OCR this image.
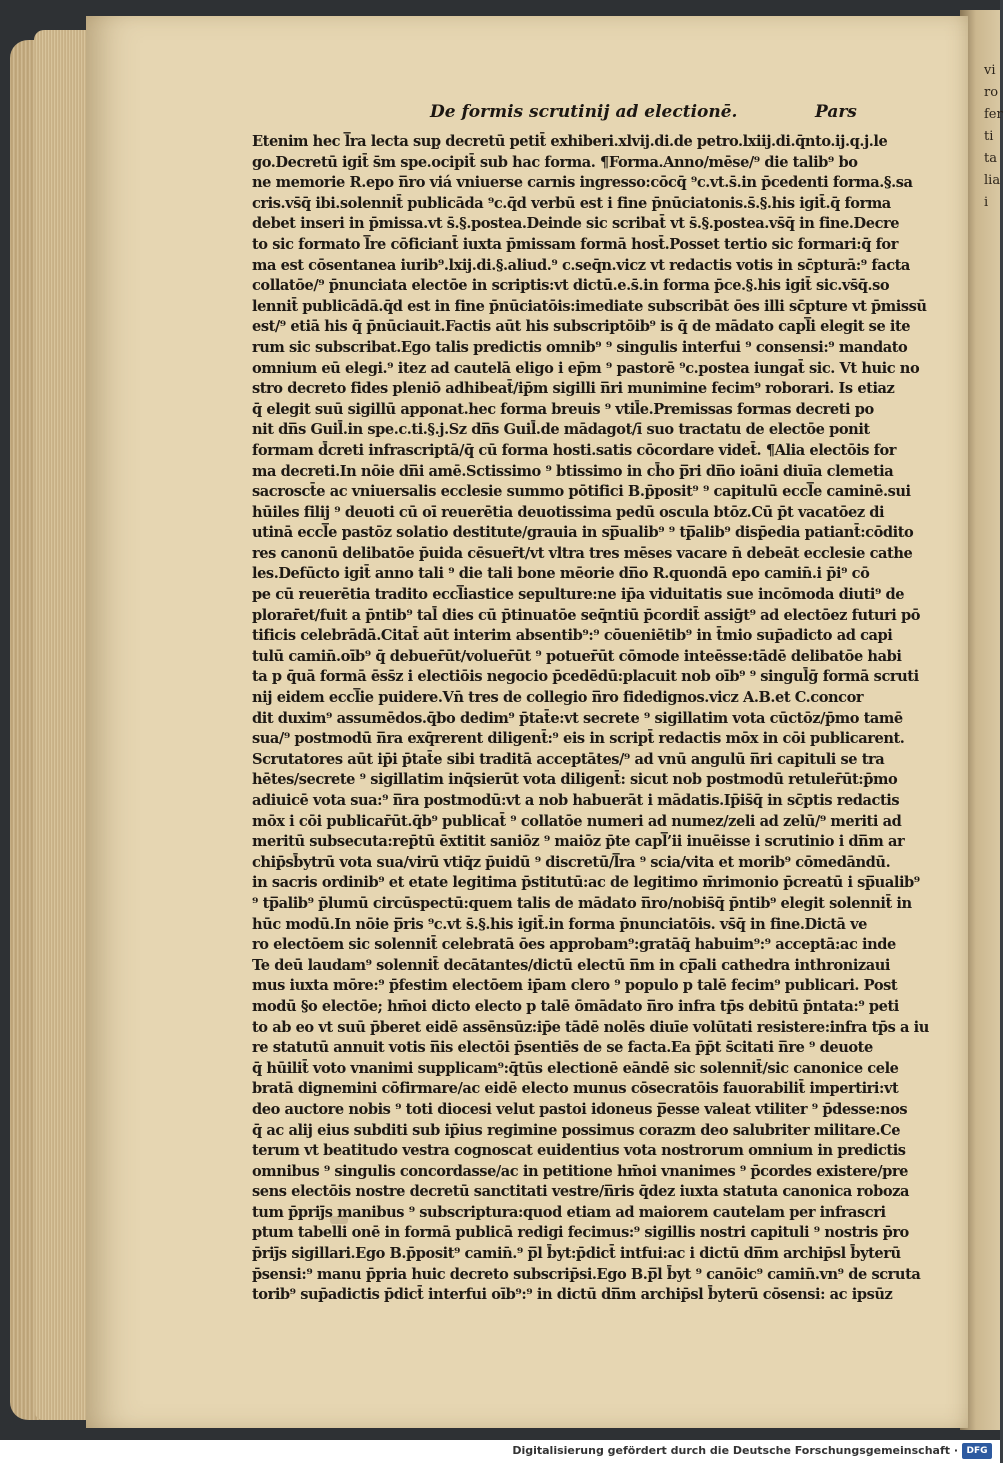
vi
ro
fer
ti
ta
lia
i
De formis scrutinij ad electionē.	Pars
Etenim hec l̅ra lecta sup̧ decretū petit̄ exhiberi.xlvij.di.de petro.lxiij.di.q̄nto.ij.q.j.le
go.Decretū igit̄ s̄m spe.ocipit̄ sub hac forma. ¶Forma.Anno/mēse/⁹ die talib⁹ bo
ne memorie R.epo n̅ro viá vniuerse carnis ingresso:cōcq̄ ⁹c.vt.s̄.in p̄cedenti forma.§.sa
cris.vs̄q̄ ibi.solennit̄ publicāda ⁹c.q̄d verbū est i fine p̄nūciatonis.s̄.§.his igit̄.q̄ forma
debet inseri in p̄missa.vt s̄.§.postea.Deinde sic scribat̄ vt s̄.§.postea.vs̄q̄ in fine.Decre
to sic formato l̅re cōficiant̄ iuxta p̄missam formā host̄.Posset tertio sic formari:q̄ for
ma est cōsentanea iurib⁹.lxij.di.§.aliud.⁹ c.seq̄n.vicz vt redactis votis in sc̄pturā:⁹ facta
collatōe/⁹ p̄nunciata electōe in scriptis:vt dictū.e.s̄.in forma p̄ce.§.his igit̄ sic.vs̄q̄.so
lennit̄ publicādā.q̄d est in fine p̄nūciatōis:imediate subscribāt ōes illi sc̄pture vt p̄missū
est/⁹ etiā his q̄ p̄nūciauit.Factis aūt his subscriptōib⁹ is q̄ de mādato capl̅i elegit se ite
rum sic subscribat.Ego talis predictis omnib⁹ ⁹ singulis interfui ⁹ consensi:⁹ mandato
omnium eū elegi.⁹ itez ad cautelā eligo i ep̄m ⁹ pastorē ⁹c.postea iungat̄ sic. Vt huic no
stro decreto fides pleniō adhibeat̄/ip̄m sigilli n̅ri munimine fecim⁹ roborari. Is etiaz
q̄ elegit suū sigillū apponat.hec forma breuis ⁹ vtil̄e.Premissas formas decreti po
nit dn̅s Guil̄.in spe.c.ti.§.j.Sz dn̅s Guil̄.de mādagot/ī suo tractatu de electōe ponit
formam d̄creti infrascriptā/q̄ cū forma hosti.satis cōcordare videt̄. ¶Alia electōis for
ma decreti.In nōie dn̅i amē.Sctissimo ⁹ btissimo in ch̄o p̅ri dn̅o ioāni diuīa clemetia
sacrosct̄e ac vniuersalis ecclesie summo pōtifici B.p̄posit⁹ ⁹ capitulū eccl̅e caminē.sui
hūiles filij ⁹ deuoti cū oī reuerētia deuotissima pedū oscula btōz.Cū p̄t vacatōez di
utinā eccl̅e pastōz solatio destitute/grauia in sp̅ualib⁹ ⁹ tp̅alib⁹ disp̄edia patiant̄:cōdito
res canonū delibatōe p̄uida cēsuer̄t/vt vltra tres mēses vacare n̄ debeāt ecclesie cathe
les.Defūcto igit̄ anno tali ⁹ die tali bone mēorie dn̅o R.quondā epo camin̄.i p̄i⁹ cō
pe cū reuerētia tradito eccl̅iastice sepulture:ne ip̄a viduitatis sue incōmoda diuti⁹ de
plorar̄et/fuit a p̄ntib⁹ tal̄ dies cū p̄tinuatōe seq̄ntiū p̄cordit̄ assiḡt⁹ ad electōez futuri pō
tificis celebrādā.Citat̄ aūt interim absentib⁹:⁹ cōueniētib⁹ in t̄mio sup̄adicto ad capi
tulū camin̄.oīb⁹ q̄ debuer̄ūt/voluer̄ūt ⁹ potuer̄ūt cōmode inteēsse:tādē delibatōe habi
ta p q̄uā formā ēss̄z i electiōis negocio p̄cedēdū:placuit nob oīb⁹ ⁹ singul̄ḡ formā scruti
nij eidem eccl̅ie puidere.Vn̄ tres de collegio n̅ro fidedignos.vicz A.B.et C.concor
dit duxim⁹ assumēdos.q̄bo dedim⁹ p̄tat̄e:vt secrete ⁹ sigillatim vota cūctōz/p̄mo tamē
sua/⁹ postmodū n̅ra exq̄rerent diligent̄:⁹ eis in script̄ redactis mōx in cōi publicarent.
Scrutatores aūt ip̄i p̄tat̄e sibi traditā acceptātes/⁹ ad vnū angulū n̅ri capituli se tra
hētes/secrete ⁹ sigillatim inq̄sierūt vota diligent̄: sicut nob postmodū retuler̄ūt:p̄mo
adiuicē vota sua:⁹ n̅ra postmodū:vt a nob habuerāt i mādatis.Ip̄is̄q̄ in sc̄ptis redactis
mōx i cōi publicar̄ūt.q̄b⁹ publicat̄ ⁹ collatōe numeri ad numez/zeli ad zelū/⁹ meriti ad
meritū subsecuta:rep̄tū ēxtitit saniōz ⁹ maiōz p̄te capl̅’ii inuēisse i scrutinio i dn̅m ar
chip̄sb̄ytrū vota sua/virū vtiq̄z p̄uidū ⁹ discretū/l̅ra ⁹ scia/vita et morib⁹ cōmedāndū.
in sacris ordinib⁹ et etate legitima p̄stitutū:ac de legitimo m̄rimonio p̄creatū i sp̅ualib⁹
⁹ tp̅alib⁹ p̄lumū circūspectū:quem talis de mādato n̅ro/nobis̄q̄ p̄ntib⁹ elegit solennit̄ in
hūc modū.In nōie p̅ris ⁹c.vt s̄.§.his igit̄.in forma p̄nunciatōis. vs̄q̄ in fine.Dictā ve
ro electōem sic solennit̄ celebratā ōes approbam⁹:gratāq̄ habuim⁹:⁹ acceptā:ac inde
Te deū laudam⁹ solennit̄ decātantes/dictū electū n̅m in cp̅ali cathedra inthronizaui
mus iuxta mōre:⁹ p̄festim electōem ip̄am clero ⁹ populo p talē fecim⁹ publicari. Post
modū §o electōe; hm̄oi dicto electo p talē ōmādato n̅ro infra tp̄s debitū p̄ntata:⁹ peti
to ab eo vt suū p̄beret eidē assēnsūz:ip̄e tādē nolēs diuīe volūtati resistere:infra tp̄s a iu
re statutū annuit votis n̅is electōi p̄sentiēs de se facta.Ea p̄p̄t s̄citati n̅re ⁹ deuote
q̄ hūilit̄ voto vnanimi supplicam⁹:q̄tūs electionē eāndē sic solennit̄/sic canonice cele
bratā dignemini cōfirmare/ac eidē electo munus cōsecratōis fauorabilit̄ impertiri:vt
deo auctore nobis ⁹ toti diocesi velut pastoi idoneus p̅esse valeat vtiliter ⁹ p̄desse:nos
q̄ ac alij eius subditi sub ip̄ius regimine possimus corazm deo salubriter militare.Ce
terum vt beatitudo vestra cognoscat euidentius vota nostrorum omnium in predictis
omnibus ⁹ singulis concordasse/ac in petitione hm̄oi vnanimes ⁹ p̄cordes existere/pre
sens electōis nostre decretū sanctitati vestre/n̅ris q̄dez iuxta statuta canonica roboza
tum p̄prij̄s manibus ⁹ subscriptura:quod etiam ad maiorem cautelam per infrascri
ptum tabelli onē in formā publicā redigi fecimus:⁹ sigillis nostri capituli ⁹ nostris p̄ro
p̄rij̄s sigillari.Ego B.p̄posit⁹ camin̄.⁹ p̅l b̄yt:p̄dict̄ intfui:ac i dictū dn̅m archip̄sl b̄yterū
p̄sensi:⁹ manu p̄pria huic decreto subscrip̄si.Ego B.p̅l b̄yt ⁹ canōic⁹ camin̄.vn⁹ de scruta
torib⁹ sup̄adictis p̄dict̄ interfui oīb⁹:⁹ in dictū dn̅m archip̄sl b̄yterū cōsensi: ac ipsūz
Digitalisierung gefördert durch die Deutsche Forschungsgemeinschaft · DFG
